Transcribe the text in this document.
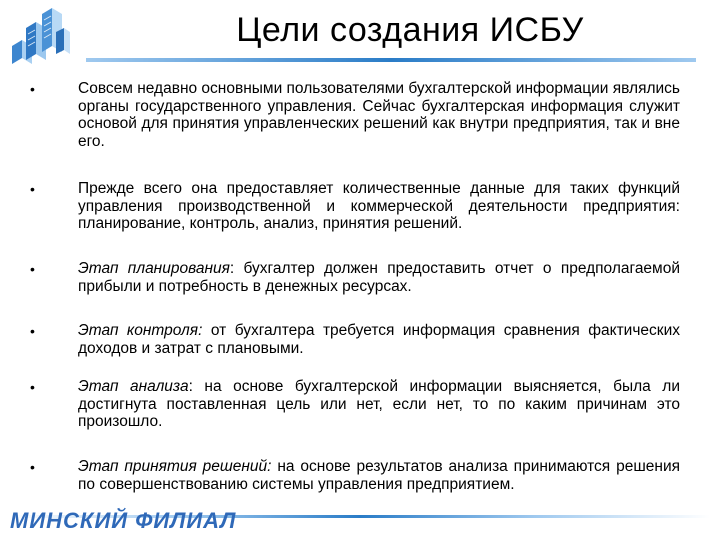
Цели создания ИСБУ
•	Совсем недавно основными пользователями бухгалтерской информации являлись органы государственного управления. Сейчас бухгалтерская информация служит основой для принятия управленческих решений как внутри предприятия, так и вне его.
•	Прежде всего она предоставляет количественные данные для таких функций управления производственной и коммерческой деятельности предприятия: планирование, контроль, анализ, принятия решений.
•	Этап планирования: бухгалтер должен предоставить отчет о предполагаемой прибыли и потребность в денежных ресурсах.
•	Этап контроля: от бухгалтера требуется информация сравнения фактических доходов и затрат с плановыми.
•	Этап анализа: на основе бухгалтерской информации выясняется, была ли достигнута поставленная цель или нет, если нет, то по каким причинам это произошло.
•	Этап принятия решений: на основе результатов анализа принимаются решения по совершенствованию системы управления предприятием.
МИНСКИЙ ФИЛИАЛ
